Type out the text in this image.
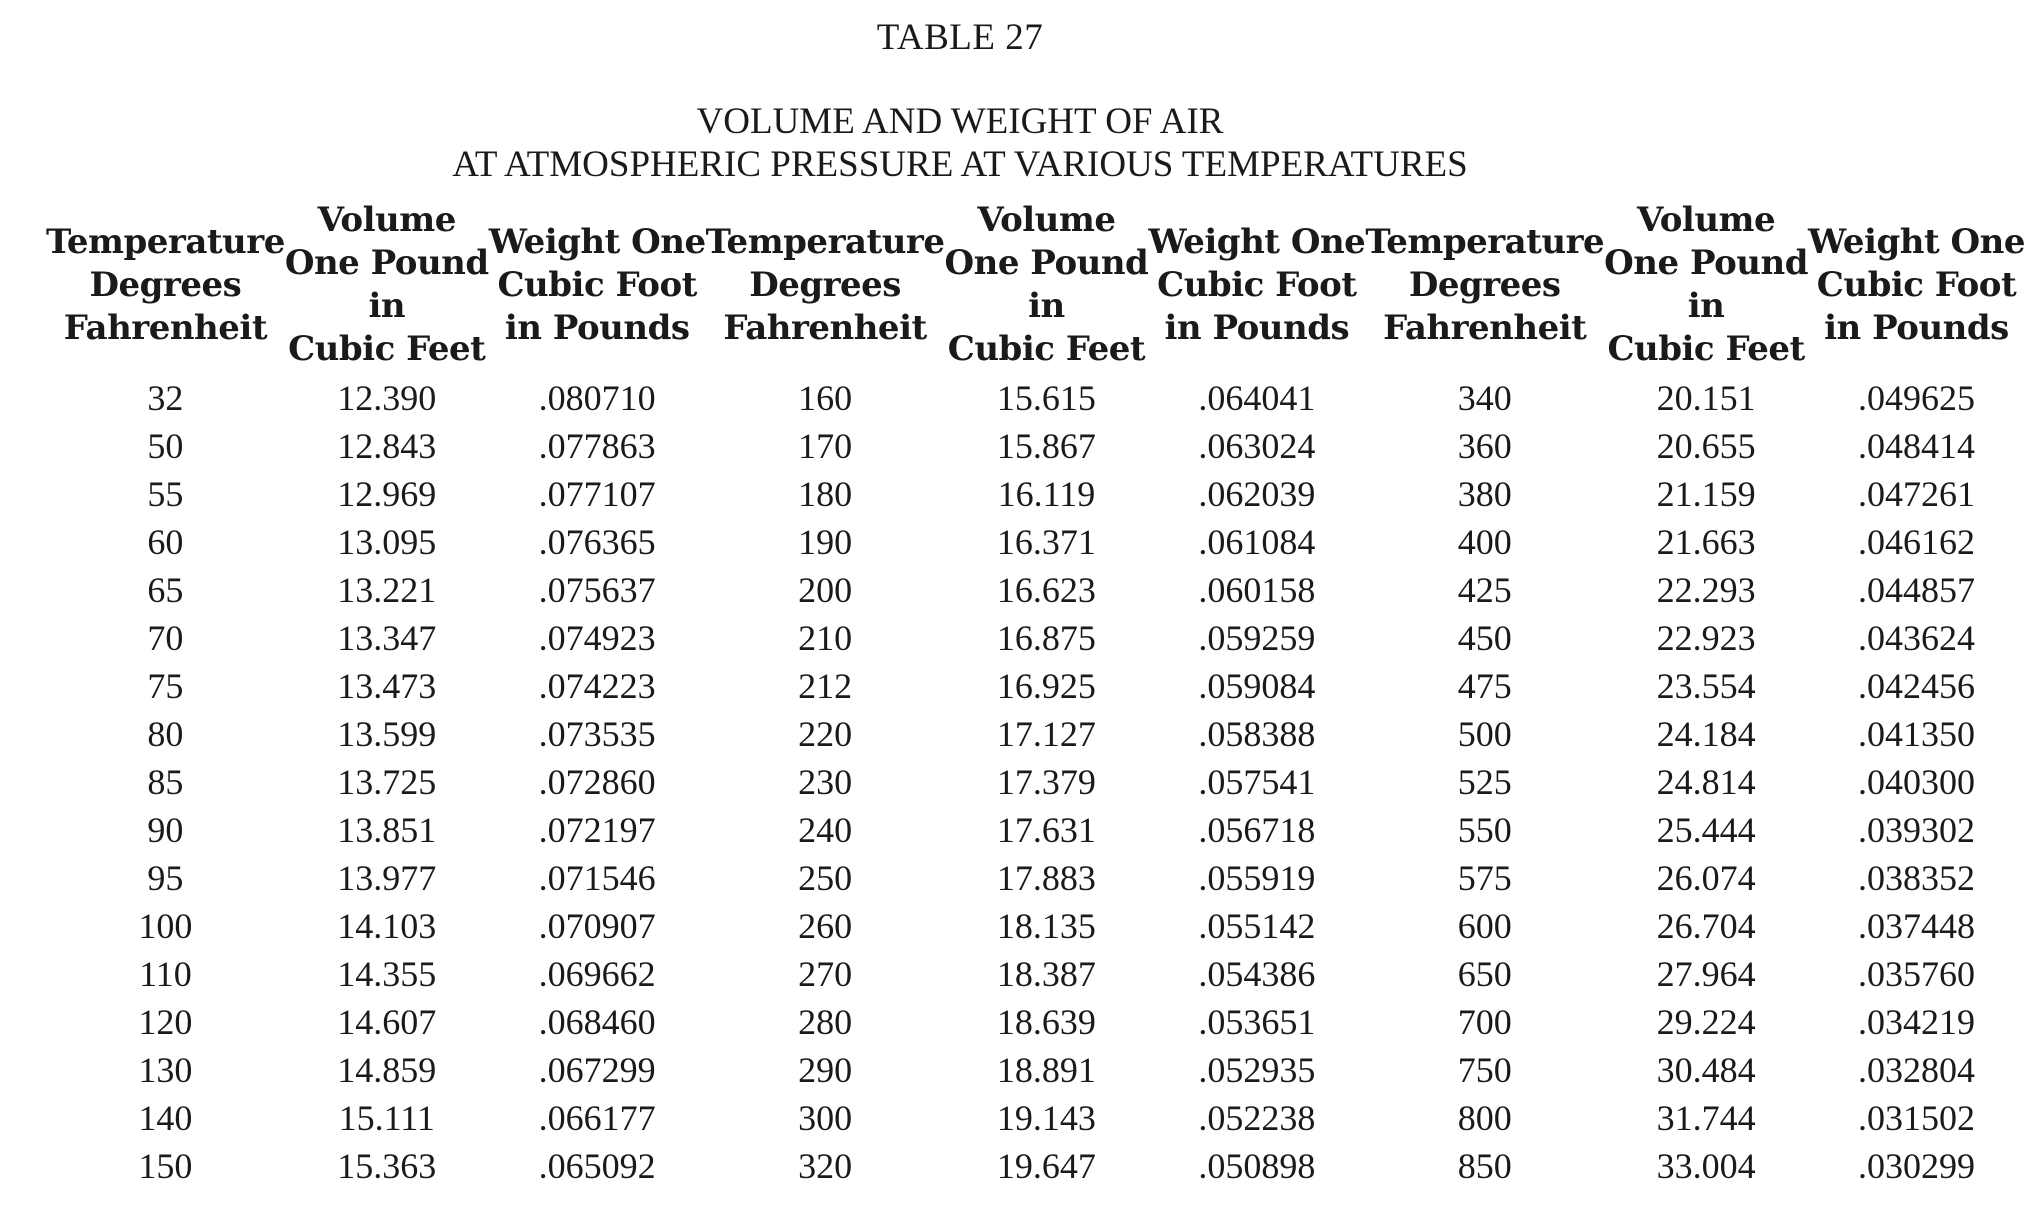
TABLE 27
VOLUME AND WEIGHT OF AIR
AT ATMOSPHERIC PRESSURE AT VARIOUS TEMPERATURES
Temperature
Degrees
Fahrenheit	Volume
One Pound
in
Cubic Feet	Weight One
Cubic Foot
in Pounds	Temperature
Degrees
Fahrenheit	Volume
One Pound
in
Cubic Feet	Weight One
Cubic Foot
in Pounds	Temperature
Degrees
Fahrenheit	Volume
One Pound
in
Cubic Feet	Weight One
Cubic Foot
in Pounds

32	12.390	.080710	160	15.615	.064041	340	20.151	.049625
50	12.843	.077863	170	15.867	.063024	360	20.655	.048414
55	12.969	.077107	180	16.119	.062039	380	21.159	.047261
60	13.095	.076365	190	16.371	.061084	400	21.663	.046162
65	13.221	.075637	200	16.623	.060158	425	22.293	.044857
70	13.347	.074923	210	16.875	.059259	450	22.923	.043624
75	13.473	.074223	212	16.925	.059084	475	23.554	.042456
80	13.599	.073535	220	17.127	.058388	500	24.184	.041350
85	13.725	.072860	230	17.379	.057541	525	24.814	.040300
90	13.851	.072197	240	17.631	.056718	550	25.444	.039302
95	13.977	.071546	250	17.883	.055919	575	26.074	.038352
100	14.103	.070907	260	18.135	.055142	600	26.704	.037448
110	14.355	.069662	270	18.387	.054386	650	27.964	.035760
120	14.607	.068460	280	18.639	.053651	700	29.224	.034219
130	14.859	.067299	290	18.891	.052935	750	30.484	.032804
140	15.111	.066177	300	19.143	.052238	800	31.744	.031502
150	15.363	.065092	320	19.647	.050898	850	33.004	.030299
